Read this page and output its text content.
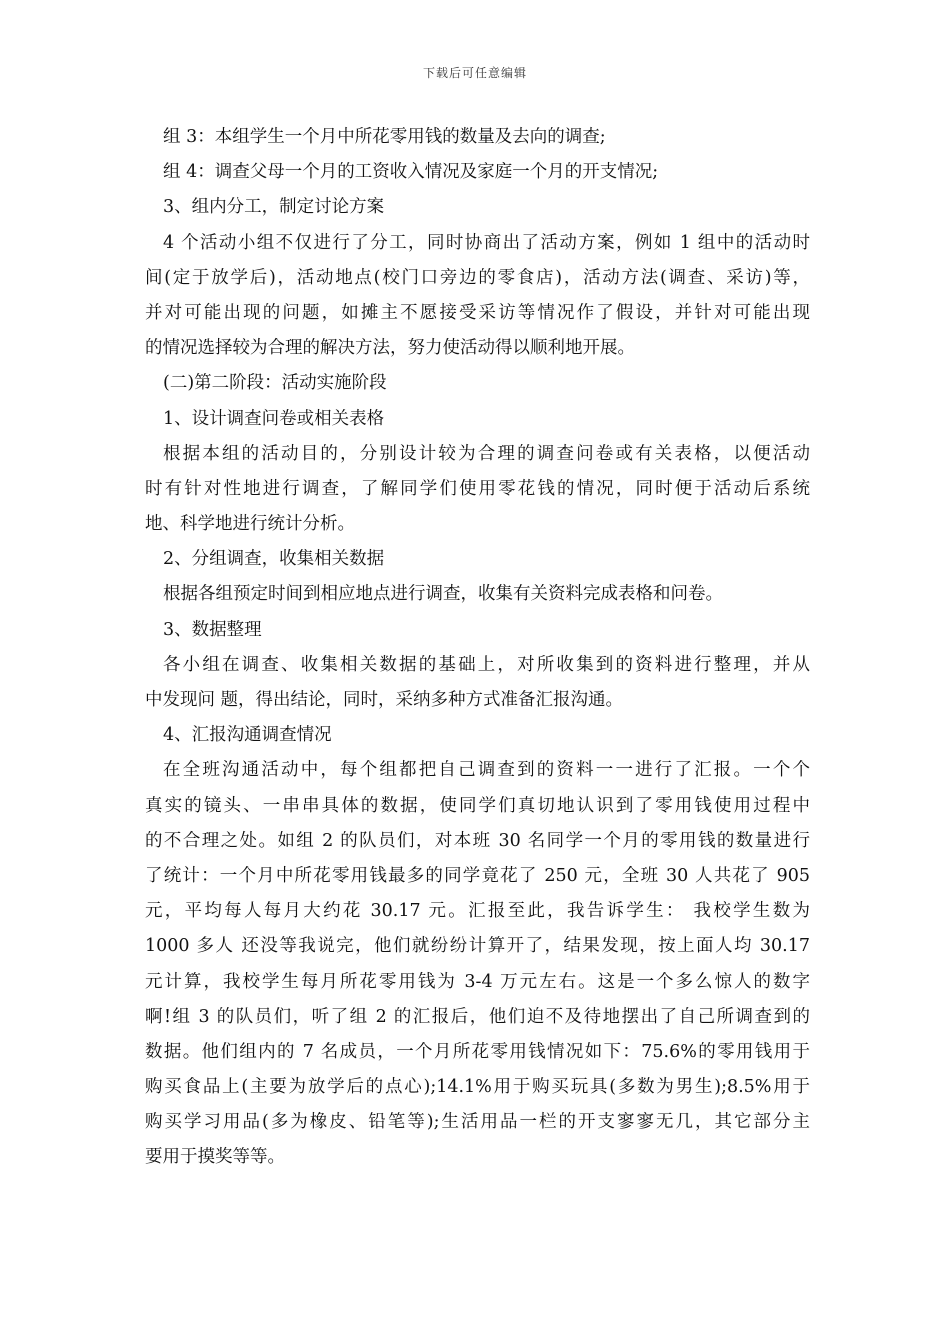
下载后可任意编辑
组 3：本组学生一个月中所花零用钱的数量及去向的调查;
组 4：调查父母一个月的工资收入情况及家庭一个月的开支情况;
3、组内分工，制定讨论方案
4 个活动小组不仅进行了分工，同时协商出了活动方案，例如 1 组中的活动时
间(定于放学后)，活动地点(校门口旁边的零食店)，活动方法(调查、采访)等，
并对可能出现的问题，如摊主不愿接受采访等情况作了假设，并针对可能出现
的情况选择较为合理的解决方法，努力使活动得以顺利地开展。
(二)第二阶段：活动实施阶段
1、设计调查问卷或相关表格
根据本组的活动目的，分别设计较为合理的调查问卷或有关表格，以便活动
时有针对性地进行调查，了解同学们使用零花钱的情况，同时便于活动后系统
地、科学地进行统计分析。
2、分组调查，收集相关数据
根据各组预定时间到相应地点进行调查，收集有关资料完成表格和问卷。
3、数据整理
各小组在调查、收集相关数据的基础上，对所收集到的资料进行整理，并从
中发现问 题，得出结论，同时，采纳多种方式准备汇报沟通。
4、汇报沟通调查情况
在全班沟通活动中，每个组都把自己调查到的资料一一进行了汇报。一个个
真实的镜头、一串串具体的数据，使同学们真切地认识到了零用钱使用过程中
的不合理之处。如组 2 的队员们，对本班 30 名同学一个月的零用钱的数量进行
了统计：一个月中所花零用钱最多的同学竟花了 250 元，全班 30 人共花了 905
元，平均每人每月大约花 30.17 元。汇报至此，我告诉学生： 我校学生数为
1000 多人 还没等我说完，他们就纷纷计算开了，结果发现，按上面人均 30.17
元计算，我校学生每月所花零用钱为 3-4 万元左右。这是一个多么惊人的数字
啊!组 3 的队员们，听了组 2 的汇报后，他们迫不及待地摆出了自己所调查到的
数据。他们组内的 7 名成员，一个月所花零用钱情况如下：75.6%的零用钱用于
购买食品上(主要为放学后的点心);14.1%用于购买玩具(多数为男生);8.5%用于
购买学习用品(多为橡皮、铅笔等);生活用品一栏的开支寥寥无几，其它部分主
要用于摸奖等等。
